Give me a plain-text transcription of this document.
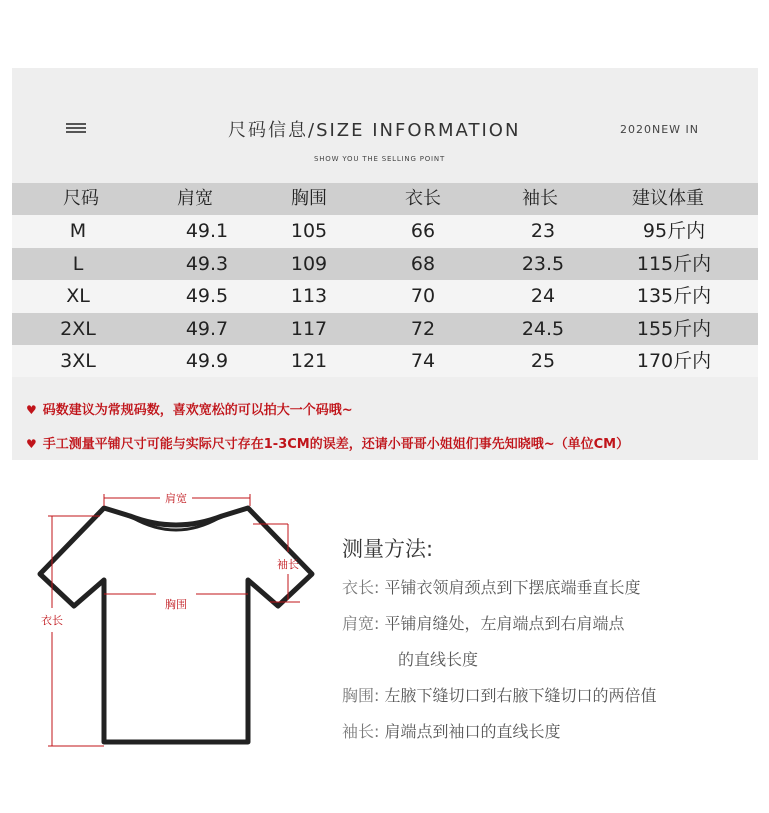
尺码信息/SIZE INFORMATION	2020NEW IN
SHOW YOU THE SELLING POINT
尺码	肩宽	胸围	衣长	袖长	建议体重
M	49.1	105	66	23	95斤内
L	49.3	109	68	23.5	115斤内
XL	49.5	113	70	24	135斤内
2XL	49.7	117	72	24.5	155斤内
3XL	49.9	121	74	25	170斤内
♥ 码数建议为常规码数，喜欢宽松的可以拍大一个码哦~
♥ 手工测量平铺尺寸可能与实际尺寸存在1-3CM的误差，还请小哥哥小姐姐们事先知晓哦~（单位CM）
肩宽
袖长
胸围
衣长
测量方法:
衣长: 平铺衣领肩颈点到下摆底端垂直长度
肩宽: 平铺肩缝处，左肩端点到右肩端点
的直线长度
胸围: 左腋下缝切口到右腋下缝切口的两倍值
袖长: 肩端点到袖口的直线长度
